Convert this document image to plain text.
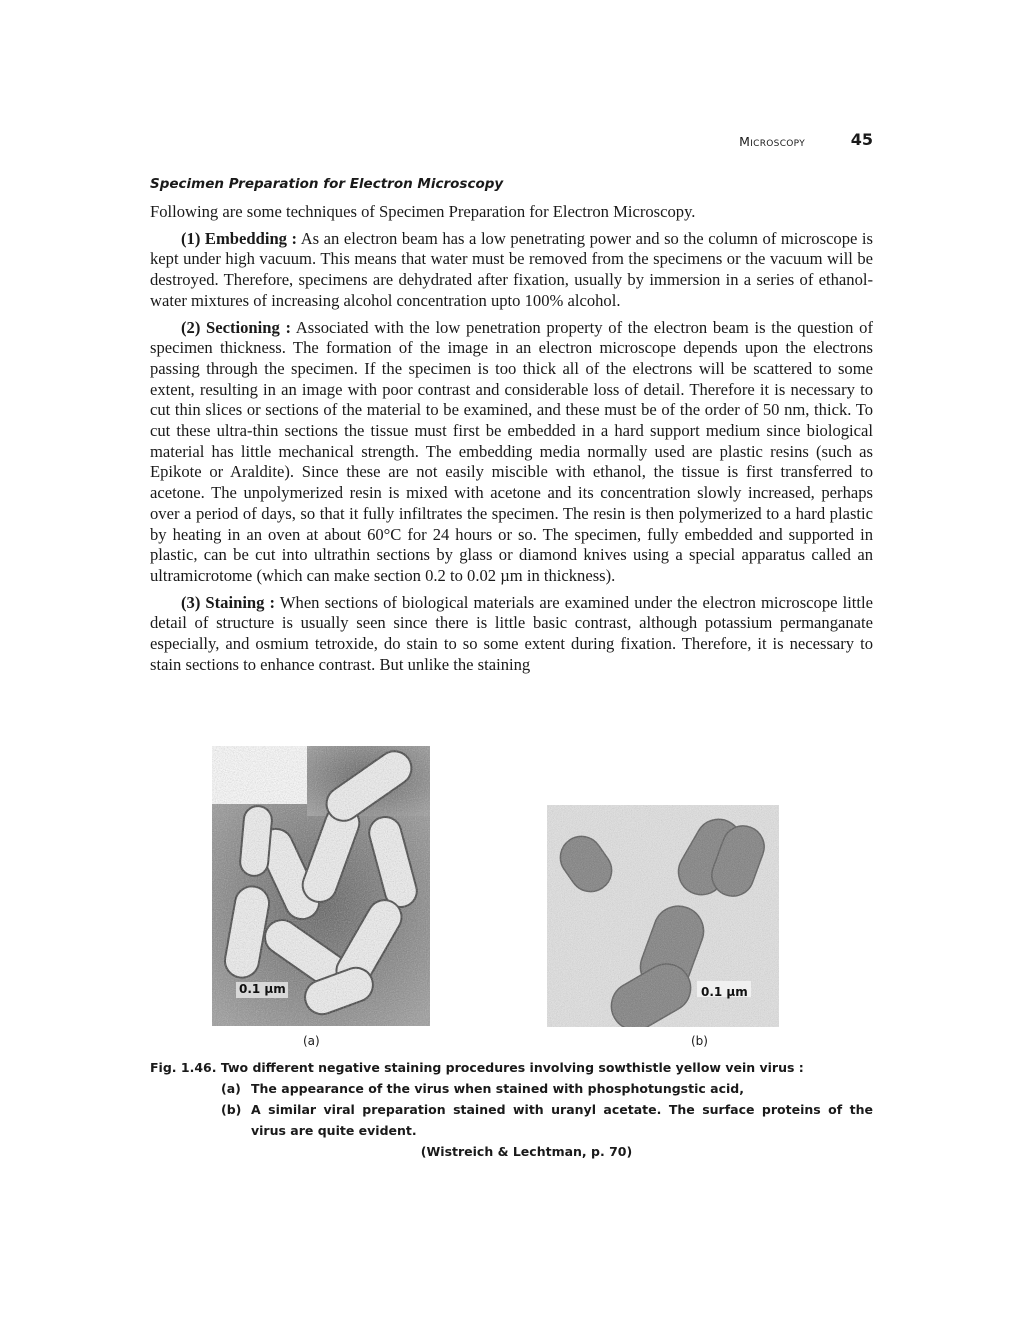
Microscopy	45
Specimen Preparation for Electron Microscopy

Following are some techniques of Specimen Preparation for Electron Microscopy.

(1) Embedding : As an electron beam has a low penetrating power and so the column of microscope is kept under high vacuum. This means that water must be removed from the specimens or the vacuum will be destroyed. Therefore, specimens are dehydrated after fixation, usually by immersion in a series of ethanol-water mixtures of increasing alcohol concentration upto 100% alcohol.

(2) Sectioning : Associated with the low penetration property of the electron beam is the question of specimen thickness. The formation of the image in an electron microscope depends upon the electrons passing through the specimen. If the specimen is too thick all of the electrons will be scattered to some extent, resulting in an image with poor contrast and considerable loss of detail. Therefore it is necessary to cut thin slices or sections of the material to be examined, and these must be of the order of 50 nm, thick. To cut these ultra-thin sections the tissue must first be embedded in a hard support medium since biological material has little mechanical strength. The embedding media normally used are plastic resins (such as Epikote or Araldite). Since these are not easily miscible with ethanol, the tissue is first transferred to acetone. The unpolymerized resin is mixed with acetone and its concentration slowly increased, perhaps over a period of days, so that it fully infiltrates the specimen. The resin is then polymerized to a hard plastic by heating in an oven at about 60°C for 24 hours or so. The specimen, fully embedded and supported in plastic, can be cut into ultrathin sections by glass or diamond knives using a special apparatus called an ultramicrotome (which can make section 0.2 to 0.02 µm in thickness).

(3) Staining : When sections of biological materials are examined under the electron microscope little detail of structure is usually seen since there is little basic contrast, although potassium permanganate especially, and osmium tetroxide, do stain to so some extent during fixation. Therefore, it is necessary to stain sections to enhance contrast. But unlike the staining

0.1 µm
(a)
0.1 µm
(b)

Fig. 1.46. Two different negative staining procedures involving sowthistle yellow vein virus :

(a) The appearance of the virus when stained with phosphotungstic acid,

(b) A similar viral preparation stained with uranyl acetate. The surface proteins of the virus are quite evident.

(Wistreich & Lechtman, p. 70)
